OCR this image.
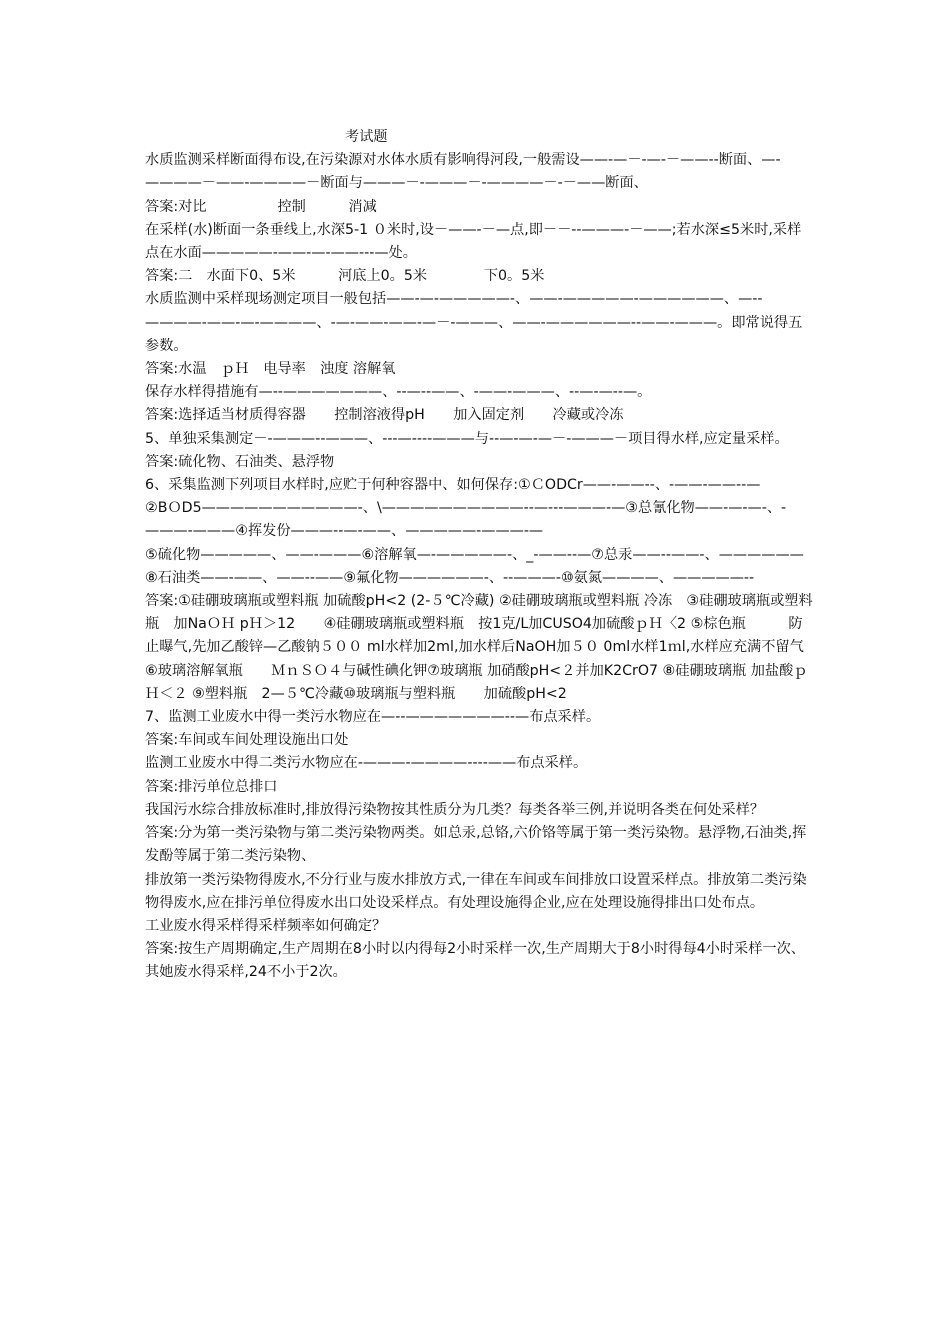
考试题

水质监测采样断面得布设,在污染源对水体水质有影响得河段,一般需设——-—－-—-－——--断面、—-————－——-————－断面与———－-———－-————－-－——断面、

答案:对比　　　　　控制　　　消减

在采样(水)断面一条垂线上,水深5-1 ０米时,设－——-－—点,即－－--———-－——;若水深≤5米时,采样点在水面—————-——-—-——---—处。

答案:二　水面下0、5米　　　河底上0。5米　　　　下0。5米

水质监测中采样现场测定项目一般包括——-—-—————-、——-—————-——————、—--————-——-—-————、-—-——-——-—－-———、——-——————--——-———。即常说得五参数。

答案:水温　ｐＨ　电导率　浊度 溶解氧

保存水样得措施有—--———————、--—--——、-——-———、--—-—--—。

答案:选择适当材质得容器　　控制溶液得pH　　加入固定剂　　冷藏或冷冻

5、单独采集测定－-———--———、---—----———与--—-—-—－-———－项目得水样,应定量采样。

答案:硫化物、石油类、悬浮物

6、采集监测下列项目水样时,应贮于何种容器中、如何保存:①ＣODCr——-——--、-——-——--—

②BＯD5———————————-、\——————————--—---———-—③总氰化物——-—-—-、-———-———④挥发份———--—-——、—————-———-—

⑤硫化物—————、——-———⑥溶解氧—-—————-、_-——--—⑦总汞——--——-、——————

⑧石油类——-——、——--——⑨氟化物——————-、--———-⑩氨氮————、—————--

答案:①硅硼玻璃瓶或塑料瓶 加硫酸pH<2 (2-５℃冷藏) ②硅硼玻璃瓶或塑料瓶 冷冻　③硅硼玻璃瓶或塑料瓶　加NaＯＨ pＨ＞12　　④硅硼玻璃瓶或塑料瓶　按1克/L加CUSO4加硫酸ｐＨ〈2 ⑤棕色瓶　　　防止曝气,先加乙酸锌—乙酸钠５００ ml水样加2ml,加水样后NaOH加５０ 0ml水样1ｍl,水样应充满不留气⑥玻璃溶解氧瓶　　ＭｎＳＯ４与碱性碘化钾⑦玻璃瓶 加硝酸pH<２并加K2CrO7 ⑧硅硼玻璃瓶 加盐酸ｐＨ＜２ ⑨塑料瓶　2—５℃冷藏⑩玻璃瓶与塑料瓶　　加硫酸pH<2

7、监测工业废水中得一类污水物应在—--———————--—布点采样。

答案:车间或车间处理设施出口处

监测工业废水中得二类污水物应在-———-————----——布点采样。

答案:排污单位总排口

我国污水综合排放标准时,排放得污染物按其性质分为几类？每类各举三例,并说明各类在何处采样？

答案:分为第一类污染物与第二类污染物两类。如总汞,总铬,六价铬等属于第一类污染物。悬浮物,石油类,挥发酚等属于第二类污染物、

排放第一类污染物得废水,不分行业与废水排放方式,一律在车间或车间排放口设置采样点。排放第二类污染物得废水,应在排污单位得废水出口处设采样点。有处理设施得企业,应在处理设施得排出口处布点。

工业废水得采样得采样频率如何确定？

答案:按生产周期确定,生产周期在8小时以内得每2小时采样一次,生产周期大于8小时得每4小时采样一次、其她废水得采样,24不小于2次。
